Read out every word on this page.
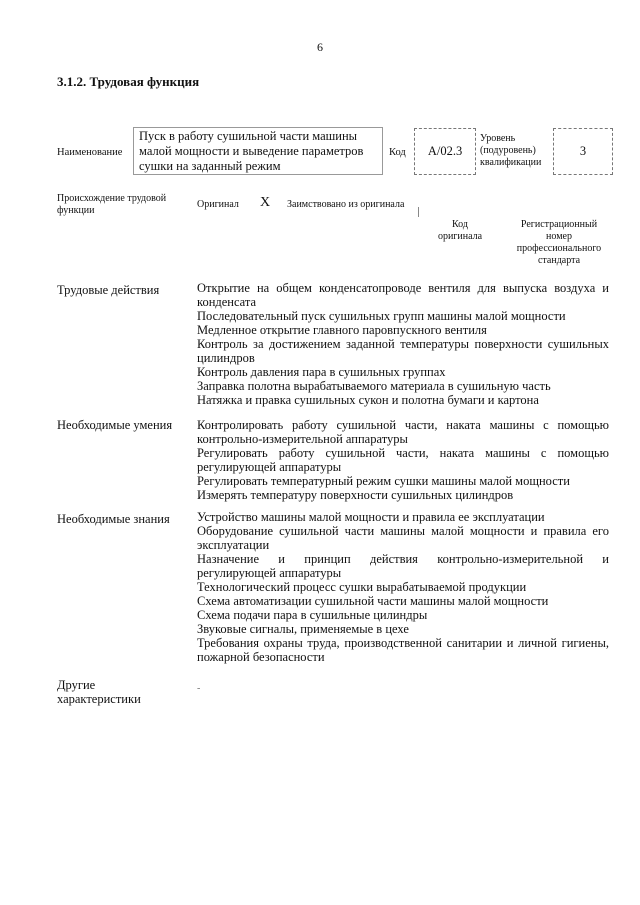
6
3.1.2. Трудовая функция
Наименование
Пуск в работу сушильной части машины
малой мощности и выведение параметров
сушки на заданный режим
Код	А/02.3
Уровень
(подуровень)
квалификации
3
Происхождение трудовой
функции
Оригинал X Заимствовано из оригинала
Код
оригинала
Регистрационный
номер
профессионального
стандарта
Трудовые действия	Открытие на общем конденсатопроводе вентиля для выпуска воздуха и конденсата
Последовательный пуск сушильных групп машины малой мощности
Медленное открытие главного паровпускного вентиля
Контроль за достижением заданной температуры поверхности сушильных цилиндров
Контроль давления пара в сушильных группах
Заправка полотна вырабатываемого материала в сушильную часть
Натяжка и правка сушильных сукон и полотна бумаги и картона
Необходимые умения Контролировать работу сушильной части, наката машины с помощью контрольно-измерительной аппаратуры
Регулировать работу сушильной части, наката машины с помощью регулирующей аппаратуры
Регулировать температурный режим сушки машины малой мощности
Измерять температуру поверхности сушильных цилиндров
Необходимые знания Устройство машины малой мощности и правила ее эксплуатации
Оборудование сушильной части машины малой мощности и правила его эксплуатации
Назначение и принцип действия контрольно-измерительной и регулирующей аппаратуры
Технологический процесс сушки вырабатываемой продукции
Схема автоматизации сушильной части машины малой мощности
Схема подачи пара в сушильные цилиндры
Звуковые сигналы, применяемые в цехе
Требования охраны труда, производственной санитарии и личной гигиены, пожарной безопасности
Другие характеристики
-
